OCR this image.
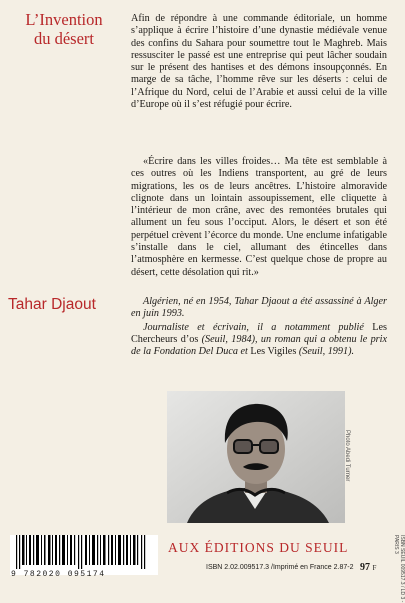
L’Invention
du désert

Afin de répondre à une commande éditoriale, un homme s’applique à écrire l’histoire d’une dynastie médiévale venue des confins du Sahara pour soumettre tout le Maghreb. Mais ressusciter le passé est une entreprise qui peut lâcher soudain sur le présent des hantises et des démons insoupçonnés. En marge de sa tâche, l’homme rêve sur les déserts : celui de l’Afrique du Nord, celui de l’Arabie et aussi celui de la ville d’Europe où il s’est réfugié pour écrire.

«Écrire dans les villes froides… Ma tête est semblable à ces outres où les Indiens transportent, au gré de leurs migrations, les os de leurs ancêtres. L’histoire almoravide clignote dans un lointain assoupissement, elle cliquette à l’intérieur de mon crâne, avec des remontées brutales qui allument un feu sous l’occiput. Alors, le désert et son été perpétuel crèvent l’écorce du monde. Une enclume infatigable s’installe dans le ciel, allumant des étincelles dans l’atmosphère en kermesse. C’est quelque chose de propre au désert, cette désolation qui rit.»

Tahar Djaout	Algérien, né en 1954, Tahar Djaout a été assassiné à Alger en juin 1993.

Journaliste et écrivain, il a notamment publié Les Chercheurs d’os (Seuil, 1984), un roman qui a obtenu le prix de la Fondation Del Duca et Les Vigiles (Seuil, 1991).

Photo Abedi Turner
9 782020 095174
AUX ÉDITIONS DU SEUIL
ISBN 2.02.009517.3 /Imprimé en France 2.87-2 97 F	ISBN SEUIL 009517.3 / LD 3 - PARIS 3
